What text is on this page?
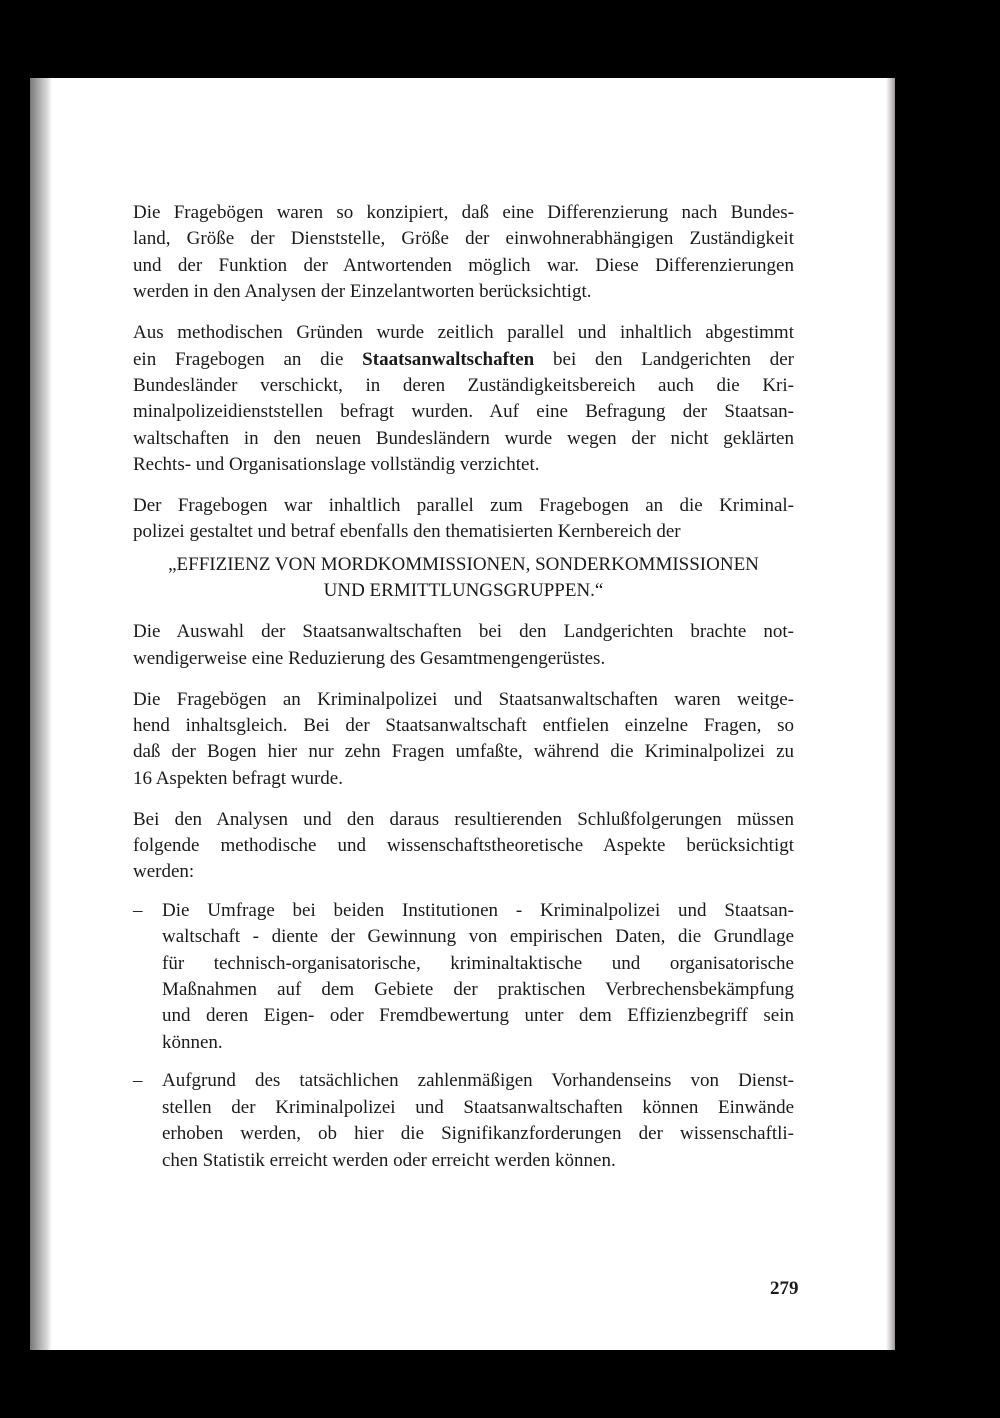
Die Fragebögen waren so konzipiert, daß eine Differenzierung nach Bundes-
land, Größe der Dienststelle, Größe der einwohnerabhängigen Zuständigkeit
und der Funktion der Antwortenden möglich war. Diese Differenzierungen
werden in den Analysen der Einzelantworten berücksichtigt.
Aus methodischen Gründen wurde zeitlich parallel und inhaltlich abgestimmt
ein Fragebogen an die Staatsanwaltschaften bei den Landgerichten der
Bundesländer verschickt, in deren Zuständigkeitsbereich auch die Kri-
minalpolizeidienststellen befragt wurden. Auf eine Befragung der Staatsan-
waltschaften in den neuen Bundesländern wurde wegen der nicht geklärten
Rechts- und Organisationslage vollständig verzichtet.
Der Fragebogen war inhaltlich parallel zum Fragebogen an die Kriminal-
polizei gestaltet und betraf ebenfalls den thematisierten Kernbereich der
„EFFIZIENZ VON MORDKOMMISSIONEN, SONDERKOMMISSIONEN
UND ERMITTLUNGSGRUPPEN.“
Die Auswahl der Staatsanwaltschaften bei den Landgerichten brachte not-
wendigerweise eine Reduzierung des Gesamtmengengerüstes.
Die Fragebögen an Kriminalpolizei und Staatsanwaltschaften waren weitge-
hend inhaltsgleich. Bei der Staatsanwaltschaft entfielen einzelne Fragen, so
daß der Bogen hier nur zehn Fragen umfaßte, während die Kriminalpolizei zu
16 Aspekten befragt wurde.
Bei den Analysen und den daraus resultierenden Schlußfolgerungen müssen
folgende methodische und wissenschaftstheoretische Aspekte berücksichtigt
werden:
– Die Umfrage bei beiden Institutionen - Kriminalpolizei und Staatsan-
waltschaft - diente der Gewinnung von empirischen Daten, die Grundlage
für technisch-organisatorische, kriminaltaktische und organisatorische
Maßnahmen auf dem Gebiete der praktischen Verbrechensbekämpfung
und deren Eigen- oder Fremdbewertung unter dem Effizienzbegriff sein
können.
– Aufgrund des tatsächlichen zahlenmäßigen Vorhandenseins von Dienst-
stellen der Kriminalpolizei und Staatsanwaltschaften können Einwände
erhoben werden, ob hier die Signifikanzforderungen der wissenschaftli-
chen Statistik erreicht werden oder erreicht werden können.
279
